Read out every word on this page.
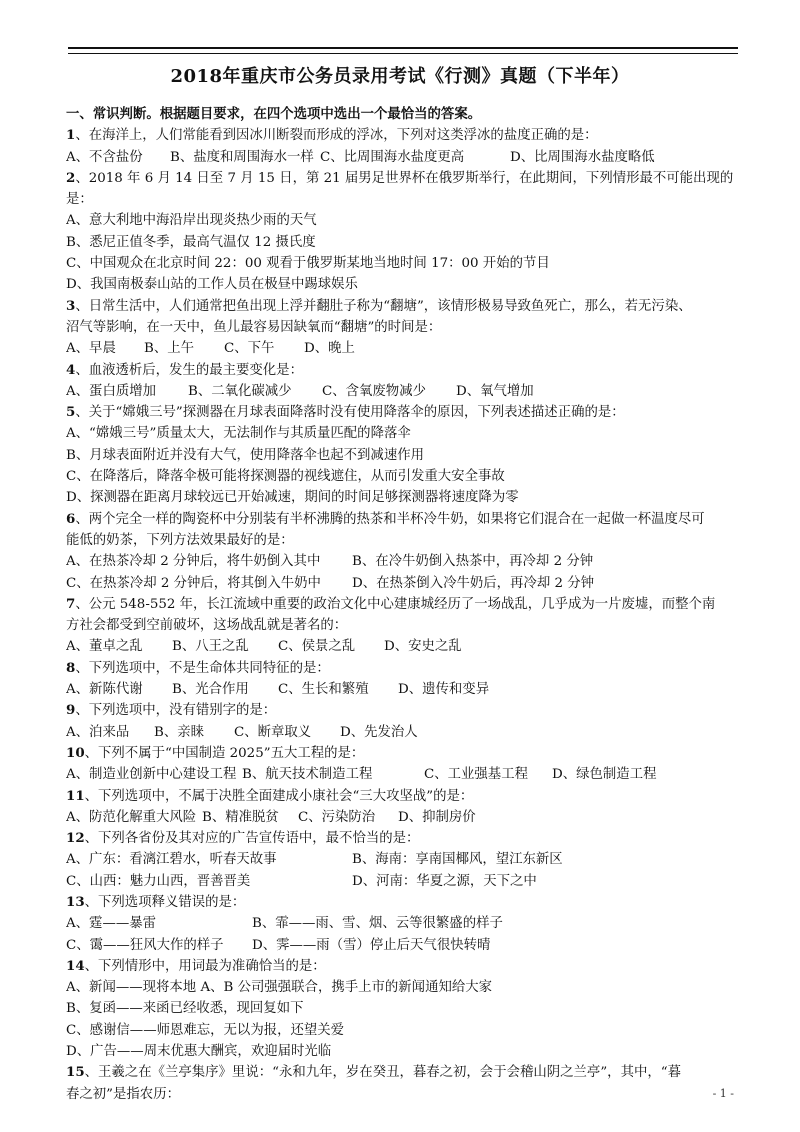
2018年重庆市公务员录用考试《行测》真题（下半年）
一、常识判断。根据题目要求，在四个选项中选出一个最恰当的答案。
1、在海洋上，人们常能看到因冰川断裂而形成的浮冰，下列对这类浮冰的盐度正确的是：
A、不含盐份 B、盐度和周围海水一样 C、比周围海水盐度更高	D、比周围海水盐度略低
2、2018 年 6 月 14 日至 7 月 15 日，第 21 届男足世界杯在俄罗斯举行，在此期间，下列情形最不可能出现的
是：
A、意大利地中海沿岸出现炎热少雨的天气
B、悉尼正值冬季，最高气温仅 12 摄氏度
C、中国观众在北京时间 22：00 观看于俄罗斯某地当地时间 17：00 开始的节目
D、我国南极泰山站的工作人员在极昼中踢球娱乐
3、日常生活中，人们通常把鱼出现上浮并翻肚子称为“翻塘”，该情形极易导致鱼死亡，那么，若无污染、
沼气等影响，在一天中，鱼儿最容易因缺氧而“翻塘”的时间是：
A、早晨 B、上午 C、下午 D、晚上
4、血液透析后，发生的最主要变化是：
A、蛋白质增加 B、二氧化碳减少 C、含氧废物减少 D、氧气增加
5、关于“嫦娥三号”探测器在月球表面降落时没有使用降落伞的原因，下列表述描述正确的是：
A、“嫦娥三号”质量太大，无法制作与其质量匹配的降落伞
B、月球表面附近并没有大气，使用降落伞也起不到减速作用
C、在降落后，降落伞极可能将探测器的视线遮住，从而引发重大安全事故
D、探测器在距离月球较远已开始减速，期间的时间足够探测器将速度降为零
6、两个完全一样的陶瓷杯中分别装有半杯沸腾的热茶和半杯冷牛奶，如果将它们混合在一起做一杯温度尽可
能低的奶茶，下列方法效果最好的是：
A、在热茶冷却 2 分钟后，将牛奶倒入其中 B、在冷牛奶倒入热茶中，再冷却 2 分钟
C、在热茶冷却 2 分钟后，将其倒入牛奶中 D、在热茶倒入冷牛奶后，再冷却 2 分钟
7、公元 548-552 年，长江流域中重要的政治文化中心建康城经历了一场战乱，几乎成为一片废墟，而整个南
方社会都受到空前破坏，这场战乱就是著名的：
A、董卓之乱 B、八王之乱 C、侯景之乱 D、安史之乱
8、下列选项中，不是生命体共同特征的是：
A、新陈代谢 B、光合作用 C、生长和繁殖 D、遗传和变异
9、下列选项中，没有错别字的是：
A、泊来品 B、亲睐 C、断章取义 D、先发治人
10、下列不属于“中国制造 2025”五大工程的是：
A、制造业创新中心建设工程 B、航天技术制造工程	C、工业强基工程 D、绿色制造工程
11、下列选项中，不属于决胜全面建成小康社会“三大攻坚战”的是：
A、防范化解重大风险 B、精准脱贫 C、污染防治 D、抑制房价
12、下列各省份及其对应的广告宣传语中，最不恰当的是：
A、广东：看漓江碧水，听春天故事	B、海南：享南国椰风，望江东新区
C、山西：魅力山西，晋善晋美	D、河南：华夏之源，天下之中
13、下列选项释义错误的是：
A、霆——暴雷	B、霏——雨、雪、烟、云等很繁盛的样子
C、霭——狂风大作的样子 D、霁——雨（雪）停止后天气很快转晴
14、下列情形中，用词最为准确恰当的是：
A、新闻——现将本地 A、B 公司强强联合，携手上市的新闻通知给大家
B、复函——来函已经收悉，现回复如下
C、感谢信——师恩难忘，无以为报，还望关爱
D、广告——周末优惠大酬宾，欢迎届时光临
15、王羲之在《兰亭集序》里说：“永和九年，岁在癸丑，暮春之初，会于会稽山阴之兰亭”，其中，“暮
春之初”是指农历：	- 1 -
